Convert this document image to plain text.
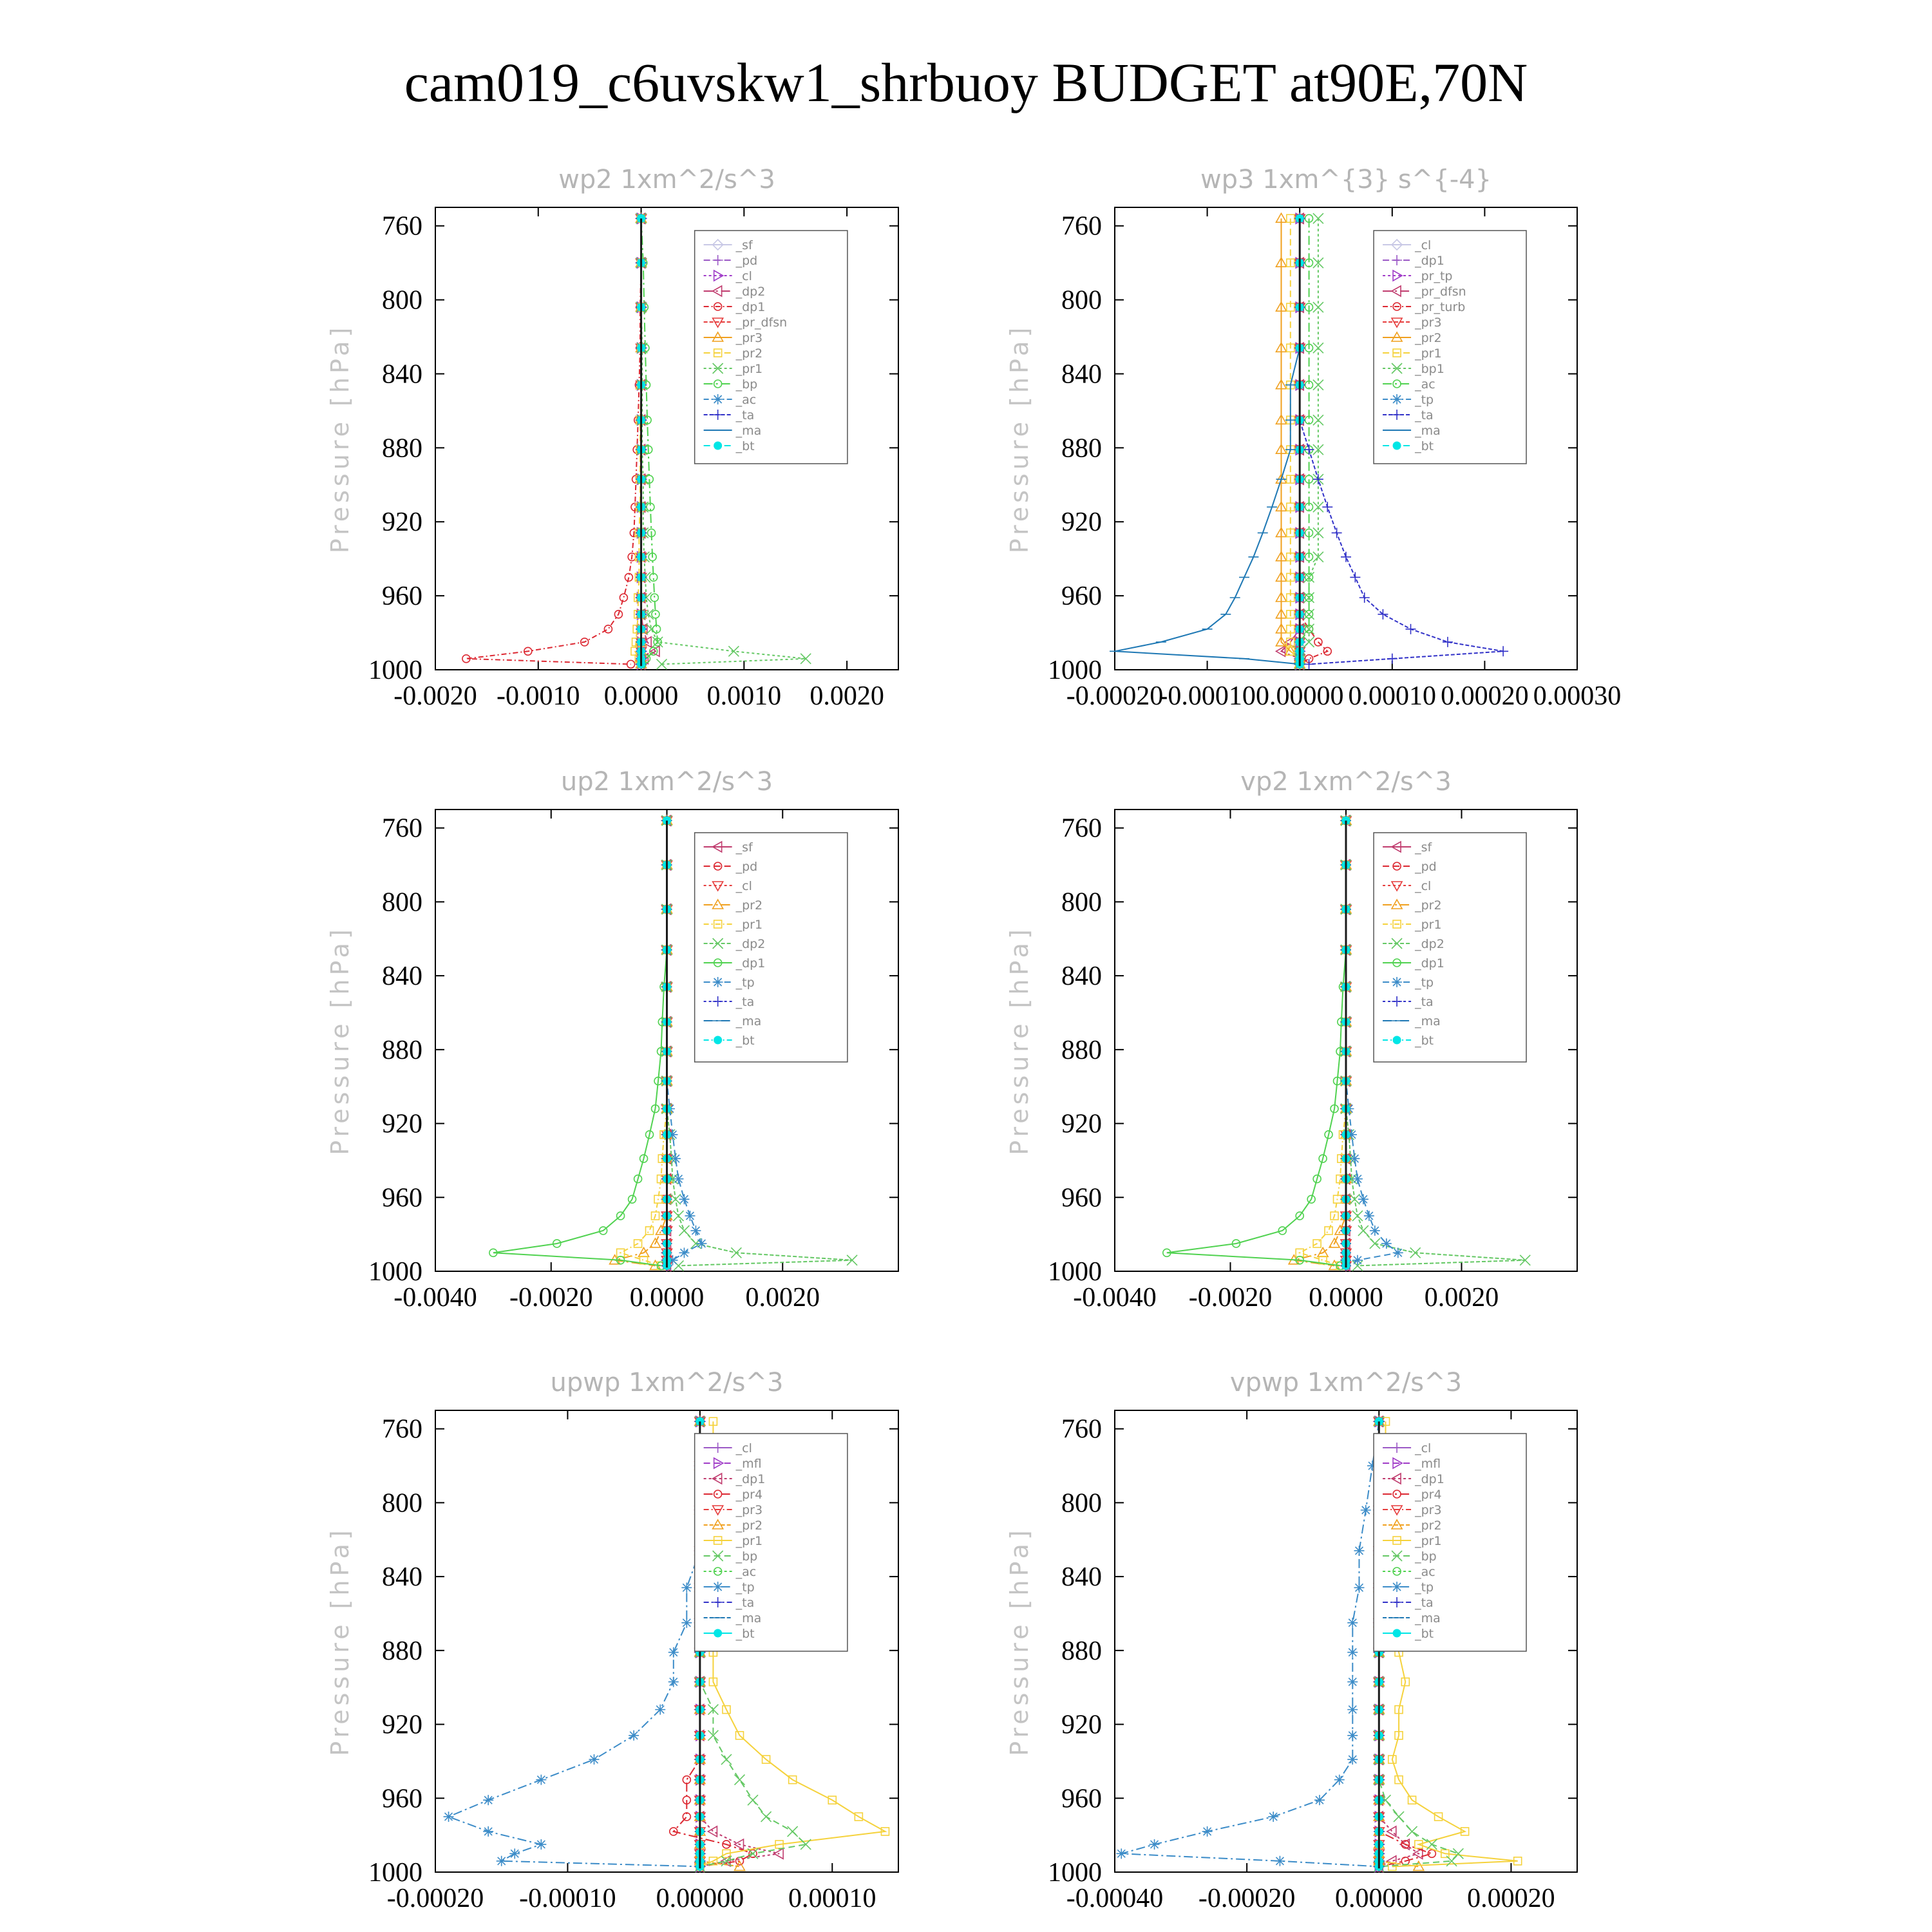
cam019_c6uvskw1_shrbuoy BUDGET at90E,70N
wp2 1xm^2/s^3
Pressure [hPa]
760
800
840
880
920
960
1000
-0.0020 -0.0010 0.0000 0.0010 0.0020
_sf
_pd
_cl
_dp2
_dp1
_pr_dfsn
_pr3
_pr2
_pr1
_bp
_ac
_ta
_ma
_bt
wp3 1xm^{3} s^{-4}
Pressure [hPa]
760
800
840
880
920
960
1000
-0.00020
-0.00010 0.00000 0.00010 0.00020 0.00030
_cl
_dp1
_pr_tp
_pr_dfsn
_pr_turb
_pr3
_pr2
_pr1
_bp1
_ac
_tp
_ta
_ma
_bt
up2 1xm^2/s^3
Pressure [hPa]
760
800
840
880
920
960
1000
-0.0040 -0.0020 0.0000 0.0020
_sf
_pd
_cl
_pr2
_pr1
_dp2
_dp1
_tp
_ta
_ma
_bt
vp2 1xm^2/s^3
Pressure [hPa]
760
800
840
880
920
960
1000
-0.0040 -0.0020 0.0000 0.0020
_sf
_pd
_cl
_pr2
_pr1
_dp2
_dp1
_tp
_ta
_ma
_bt
upwp 1xm^2/s^3
Pressure [hPa]
760
800
840
880
920
960
1000
-0.00020 -0.00010 0.00000 0.00010
_cl
_mfl
_dp1
_pr4
_pr3
_pr2
_pr1
_bp
_ac
_tp
_ta
_ma
_bt
vpwp 1xm^2/s^3
Pressure [hPa]
760
800
840
880
920
960
1000
-0.00040 -0.00020 0.00000 0.00020
_cl
_mfl
_dp1
_pr4
_pr3
_pr2
_pr1
_bp
_ac
_tp
_ta
_ma
_bt
